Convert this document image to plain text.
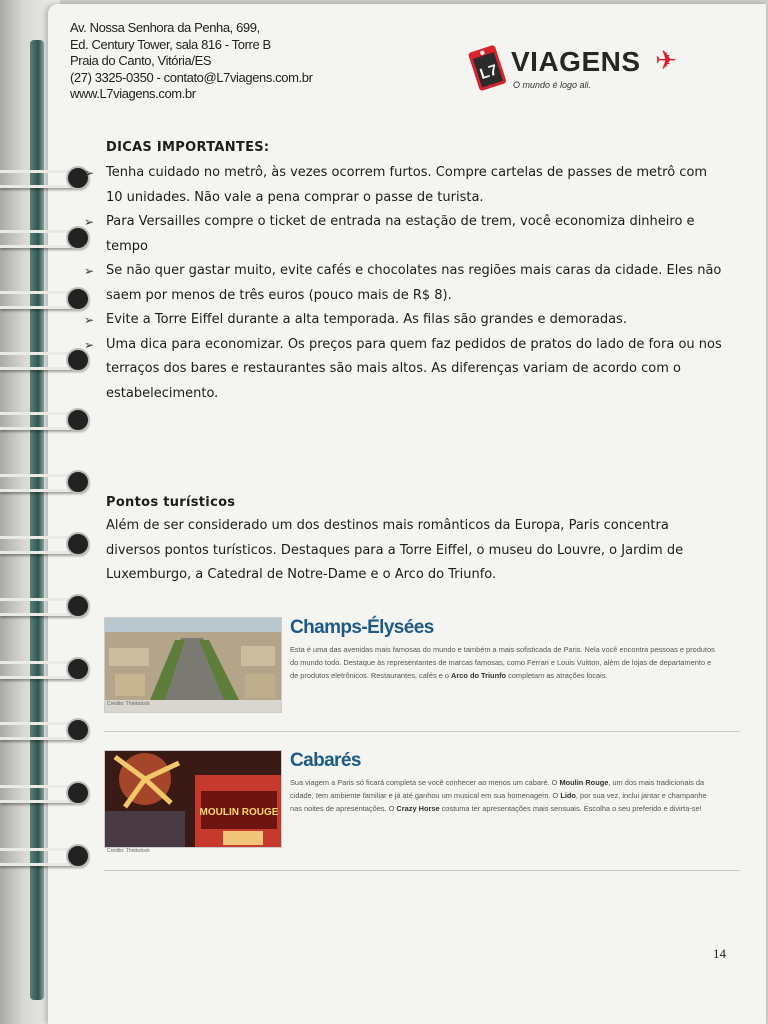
Av. Nossa Senhora da Penha, 699,
Ed. Century Tower, sala 816 - Torre B
Praia do Canto, Vitória/ES
(27) 3325-0350 - contato@L7viagens.com.br
www.L7viagens.com.br
L7 VIAGENS
O mundo é logo ali.
✈
DICAS IMPORTANTES:
➢ Tenha cuidado no metrô, às vezes ocorrem furtos. Compre cartelas de passes de metrô com 10 unidades. Não vale a pena comprar o passe de turista.
➢ Para Versailles compre o ticket de entrada na estação de trem, você economiza dinheiro e tempo
➢ Se não quer gastar muito, evite cafés e chocolates nas regiões mais caras da cidade. Eles não saem por menos de três euros (pouco mais de R$ 8).
➢ Evite a Torre Eiffel durante a alta temporada. As filas são grandes e demoradas.
➢ Uma dica para economizar. Os preços para quem faz pedidos de pratos do lado de fora ou nos terraços dos bares e restaurantes são mais altos. As diferenças variam de acordo com o estabelecimento.
Pontos turísticos

Além de ser considerado um dos destinos mais românticos da Europa, Paris concentra diversos pontos turísticos. Destaques para a Torre Eiffel, o museu do Louvre, o Jardim de Luxemburgo, a Catedral de Notre-Dame e o Arco do Triunfo.

Crédito: Thinkstock
Champs-Élysées
Esta é uma das avenidas mais famosas do mundo e também a mais sofisticada de Paris. Nela você encontra pessoas e produtos do mundo todo. Destaque às representantes de marcas famosas, como Ferrari e Louis Vuitton, além de lojas de departamento e de produtos eletrônicos. Restaurantes, cafés e o Arco do Triunfo completam as atrações locais.
MOULIN ROUGE
Crédito: Thinkstock
Cabarés
Sua viagem a Paris só ficará completa se você conhecer ao menos um cabaré. O Moulin Rouge, um dos mais tradicionais da cidade, tem ambiente familiar e já até ganhou um musical em sua homenagem. O Lido, por sua vez, inclui jantar e champanhe nas noites de apresentações. O Crazy Horse costuma ter apresentações mais sensuais. Escolha o seu preferido e divirta-se!
14
